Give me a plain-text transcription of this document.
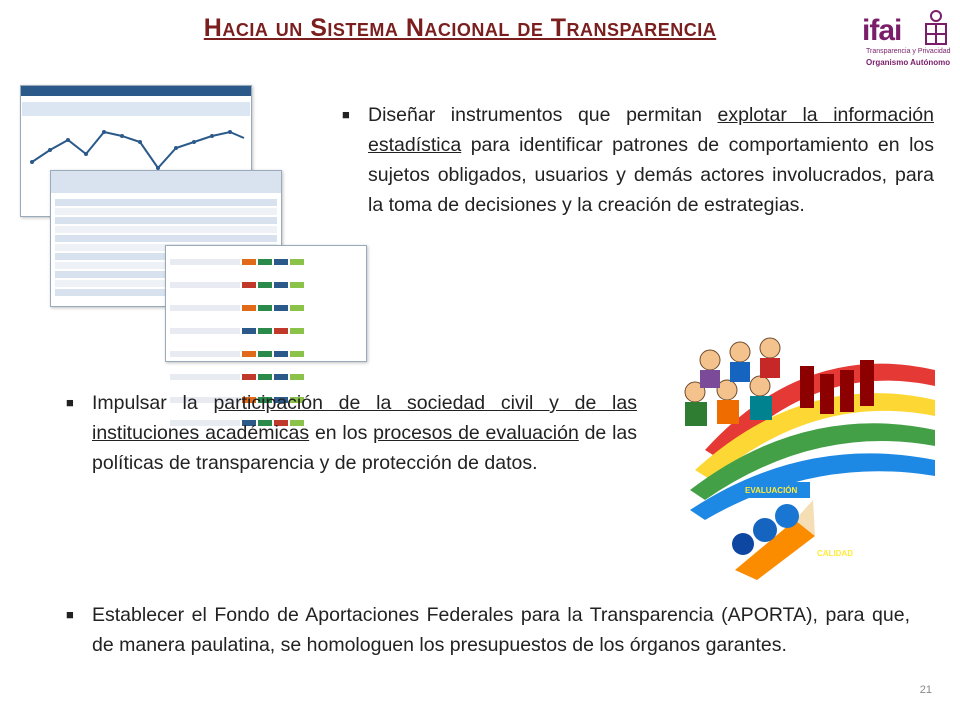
Hacia un Sistema Nacional de Transparencia	ifai
Transparencia y Privacidad
Organismo Autónomo
■ Diseñar instrumentos que permitan explotar la información estadística para identificar patrones de comportamiento en los sujetos obligados, usuarios y demás actores involucrados, para la toma de decisiones y la creación de estrategias.
EVALUACIÓN
CALIDAD
■ Impulsar la participación de la sociedad civil y de las instituciones académicas en los procesos de evaluación de las políticas de transparencia y de protección de datos.
■ Establecer el Fondo de Aportaciones Federales para la Transparencia (APORTA), para que, de manera paulatina, se homologuen los presupuestos de los órganos garantes.
21
